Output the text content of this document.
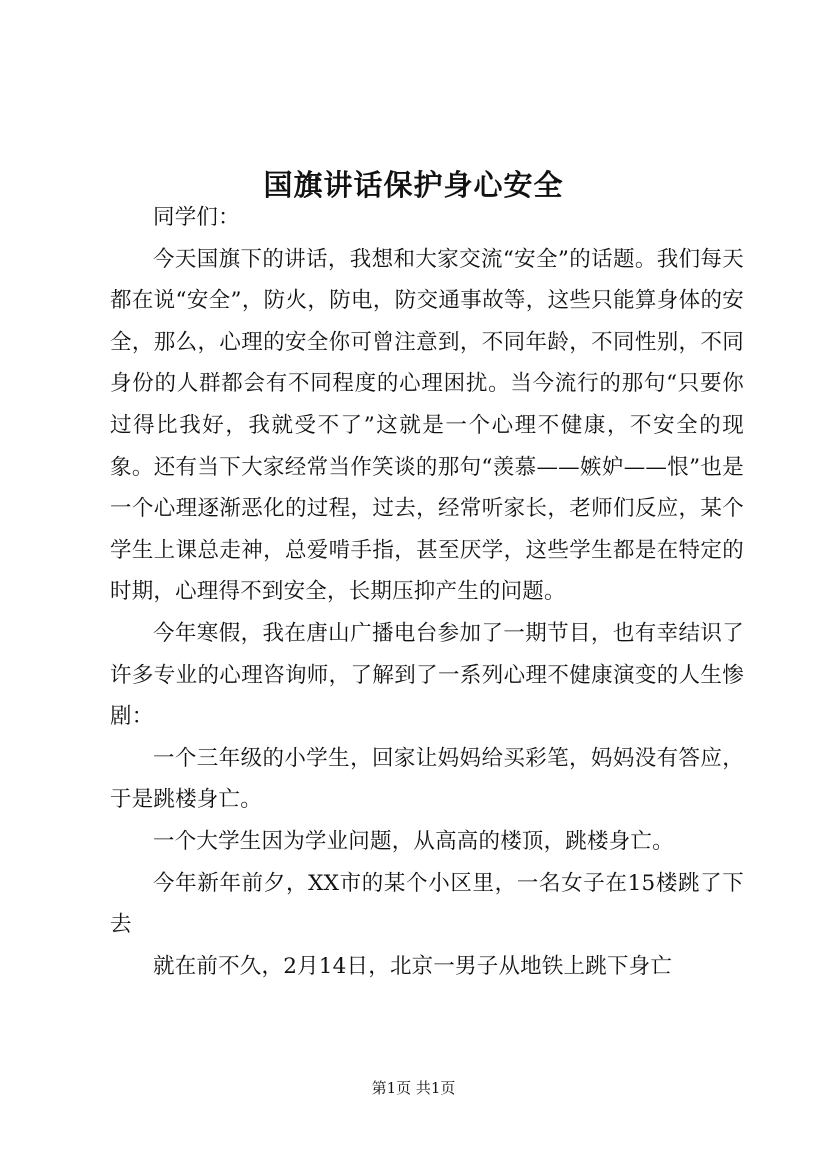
国旗讲话保护身心安全

同学们：

今天国旗下的讲话，我想和大家交流“安全”的话题。我们每天都在说“安全”，防火，防电，防交通事故等，这些只能算身体的安全，那么，心理的安全你可曾注意到，不同年龄，不同性别，不同身份的人群都会有不同程度的心理困扰。当今流行的那句“只要你过得比我好，我就受不了”这就是一个心理不健康，不安全的现象。还有当下大家经常当作笑谈的那句“羡慕——嫉妒——恨”也是一个心理逐渐恶化的过程，过去，经常听家长，老师们反应，某个学生上课总走神，总爱啃手指，甚至厌学，这些学生都是在特定的时期，心理得不到安全，长期压抑产生的问题。

今年寒假，我在唐山广播电台参加了一期节目，也有幸结识了许多专业的心理咨询师，了解到了一系列心理不健康演变的人生惨剧：

一个三年级的小学生，回家让妈妈给买彩笔，妈妈没有答应，于是跳楼身亡。

一个大学生因为学业问题，从高高的楼顶，跳楼身亡。

今年新年前夕，XX市的某个小区里，一名女子在15楼跳了下去

就在前不久，2月14日，北京一男子从地铁上跳下身亡

第1页 共1页
